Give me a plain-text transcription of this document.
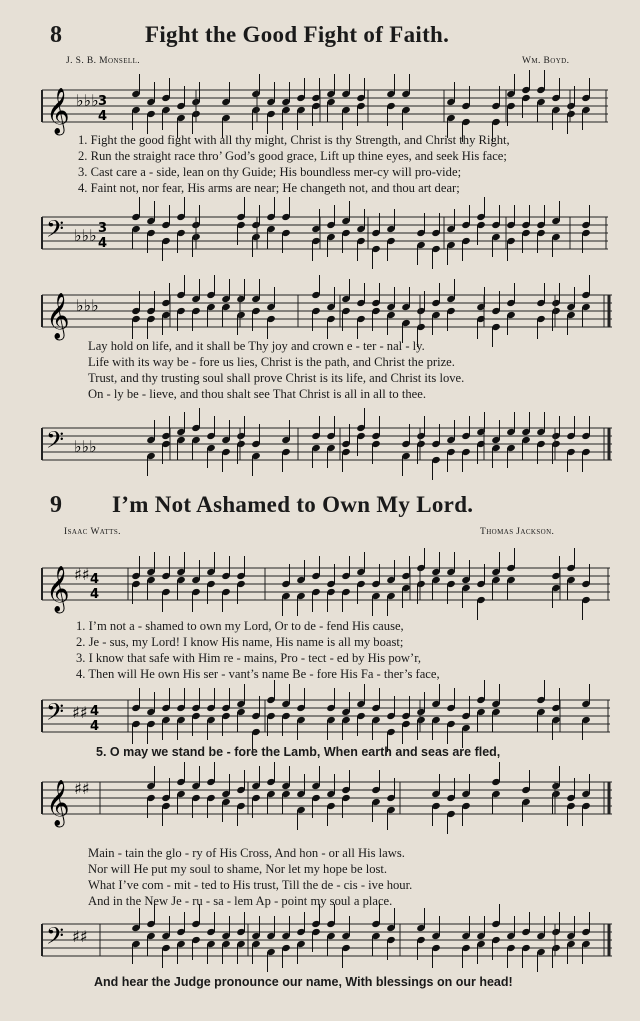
8	Fight the Good Fight of Faith.
J. S. B. Monsell.	Wm. Boyd.
𝄞 ♭♭♭ 3
4
1. Fight the good fight with all thy might, Christ is thy Strength, and Christ thy Right,
2. Run the straight race thro’ God’s good grace, Lift up thine eyes, and seek His face;
3. Cast care a - side, lean on thy Guide; His boundless mer-cy will pro-vide;
4. Faint not, nor fear, His arms are near; He changeth not, and thou art dear;
𝄢 ♭♭♭ 3
4
𝄞 ♭♭♭
Lay hold on life, and it shall be Thy joy and crown e - ter - nal - ly.
Life with its way be - fore us lies, Christ is the path, and Christ the prize.
Trust, and thy trusting soul shall prove Christ is its life, and Christ its love.
On - ly be - lieve, and thou shalt see That Christ is all in all to thee.
𝄢 ♭♭♭
9 I’m Not Ashamed to Own My Lord.
Isaac Watts.	Thomas Jackson.
𝄞 ♯♯ 4
4
1. I’m not a - shamed to own my Lord, Or to de - fend His cause,
2. Je - sus, my Lord! I know His name, His name is all my boast;
3. I know that safe with Him re - mains, Pro - tect - ed by His pow’r,
4. Then will He own His ser - vant’s name Be - fore His Fa - ther’s face,
𝄢 ♯♯ 4
4
5. O may we stand be - fore the Lamb, When earth and seas are fled,
𝄞 ♯♯
Main - tain the glo - ry of His Cross, And hon - or all His laws.
Nor will He put my soul to shame, Nor let my hope be lost.
What I’ve com - mit - ted to His trust, Till the de - cis - ive hour.
And in the New Je - ru - sa - lem Ap - point my soul a place.
𝄢 ♯♯
And hear the Judge pronounce our name, With blessings on our head!
